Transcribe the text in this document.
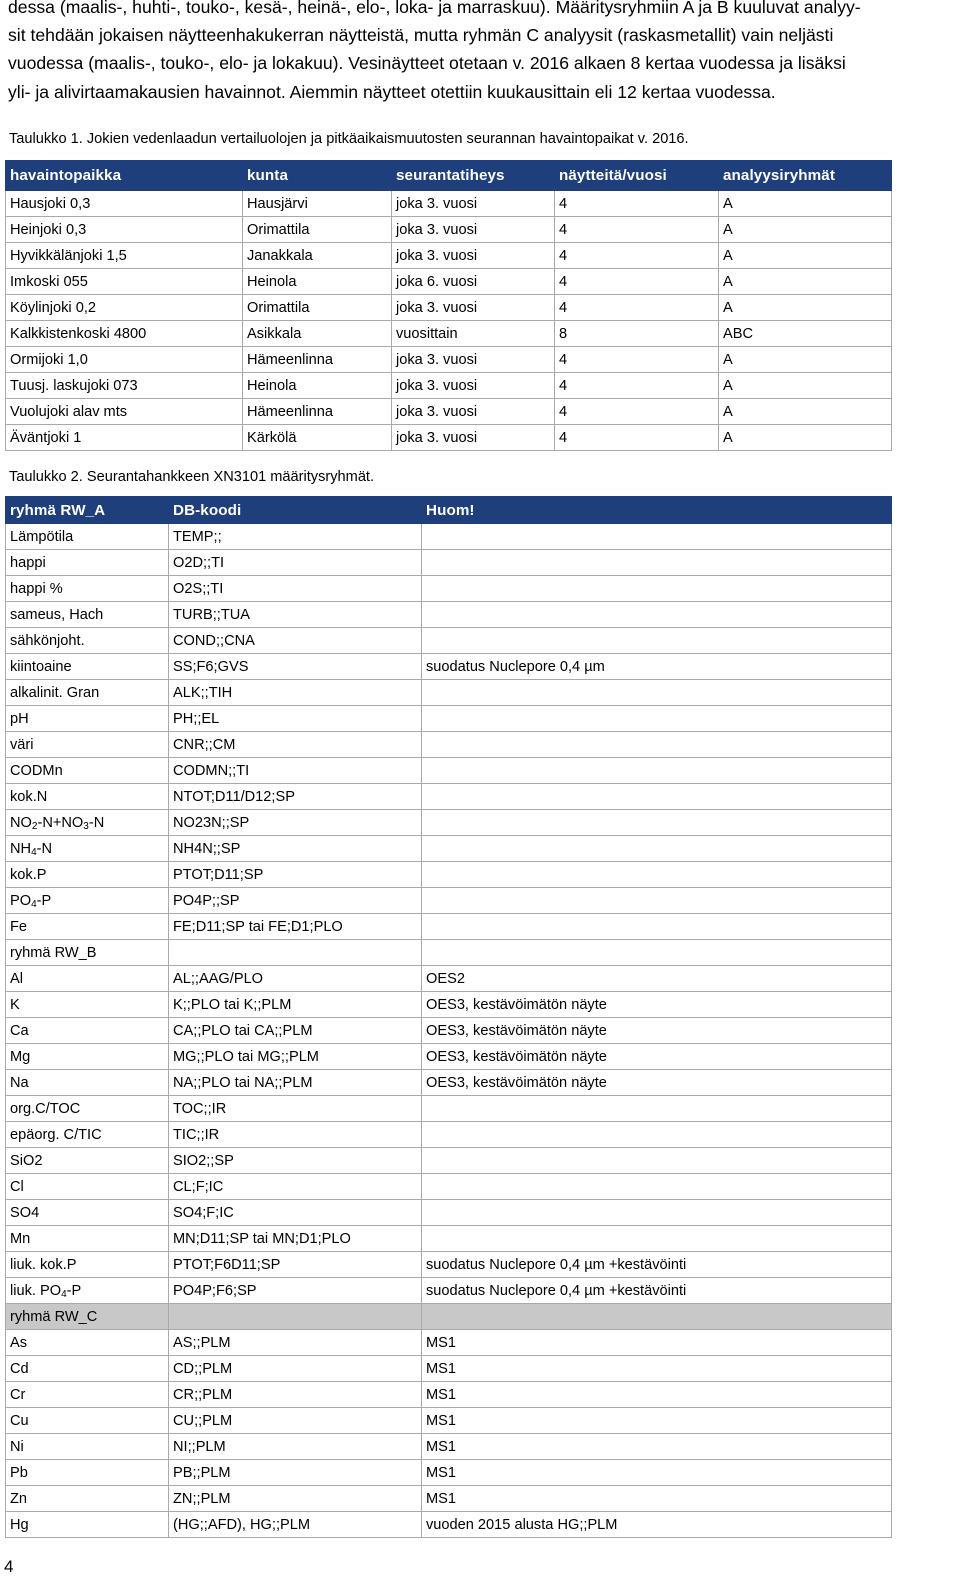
dessa (maalis-, huhti-, touko-, kesä-, heinä-, elo-, loka- ja marraskuu). Määritysryhmiin A ja B kuuluvat analyy-
sit tehdään jokaisen näytteenhakukerran näytteistä, mutta ryhmän C analyysit (raskasmetallit) vain neljästi
vuodessa (maalis-, touko-, elo- ja lokakuu). Vesinäytteet otetaan v. 2016 alkaen 8 kertaa vuodessa ja lisäksi
yli- ja alivirtaamakausien havainnot. Aiemmin näytteet otettiin kuukausittain eli 12 kertaa vuodessa.

Taulukko 1. Jokien vedenlaadun vertailuolojen ja pitkäaikaismuutosten seurannan havaintopaikat v. 2016.

havaintopaikka	kunta	seurantatiheys	näytteitä/vuosi	analyysiryhmät
Hausjoki 0,3	Hausjärvi	joka 3. vuosi	4	A
Heinjoki 0,3	Orimattila	joka 3. vuosi	4	A
Hyvikkälänjoki 1,5	Janakkala	joka 3. vuosi	4	A
Imkoski 055	Heinola	joka 6. vuosi	4	A
Köylinjoki 0,2	Orimattila	joka 3. vuosi	4	A
Kalkkistenkoski 4800	Asikkala	vuosittain	8	ABC
Ormijoki 1,0	Hämeenlinna	joka 3. vuosi	4	A
Tuusj. laskujoki 073	Heinola	joka 3. vuosi	4	A
Vuolujoki alav mts	Hämeenlinna	joka 3. vuosi	4	A
Äväntjoki 1	Kärkölä	joka 3. vuosi	4	A

Taulukko 2. Seurantahankkeen XN3101 määritysryhmät.

ryhmä RW_A	DB-koodi	Huom!
Lämpötila	TEMP;;	
happi	O2D;;TI	
happi %	O2S;;TI	
sameus, Hach	TURB;;TUA	
sähkönjoht.	COND;;CNA	
kiintoaine	SS;F6;GVS	suodatus Nuclepore 0,4 µm
alkalinit. Gran	ALK;;TIH	
pH	PH;;EL	
väri	CNR;;CM	
CODMn	CODMN;;TI	
kok.N	NTOT;D11/D12;SP	
$NO_2-N+NO_3-N$	NO23N;;SP	
$NH_4-N$	NH4N;;SP	
kok.P	PTOT;D11;SP	
$PO_4-P$	PO4P;;SP	
Fe	FE;D11;SP tai FE;D1;PLO	
ryhmä RW_B		
Al	AL;;AAG/PLO	OES2
K	K;;PLO tai K;;PLM	OES3, kestävöimätön näyte
Ca	CA;;PLO tai CA;;PLM	OES3, kestävöimätön näyte
Mg	MG;;PLO tai MG;;PLM	OES3, kestävöimätön näyte
Na	NA;;PLO tai NA;;PLM	OES3, kestävöimätön näyte
org.C/TOC	TOC;;IR	
epäorg. C/TIC	TIC;;IR	
SiO2	SIO2;;SP	
Cl	CL;F;IC	
SO4	SO4;F;IC	
Mn	MN;D11;SP tai MN;D1;PLO	
liuk. kok.P	PTOT;F6D11;SP	suodatus Nuclepore 0,4 µm +kestävöinti
liuk. $PO_4-P$	PO4P;F6;SP	suodatus Nuclepore 0,4 µm +kestävöinti
ryhmä RW_C		
As	AS;;PLM	MS1
Cd	CD;;PLM	MS1
Cr	CR;;PLM	MS1
Cu	CU;;PLM	MS1
Ni	NI;;PLM	MS1
Pb	PB;;PLM	MS1
Zn	ZN;;PLM	MS1
Hg	(HG;;AFD), HG;;PLM	vuoden 2015 alusta HG;;PLM
4
